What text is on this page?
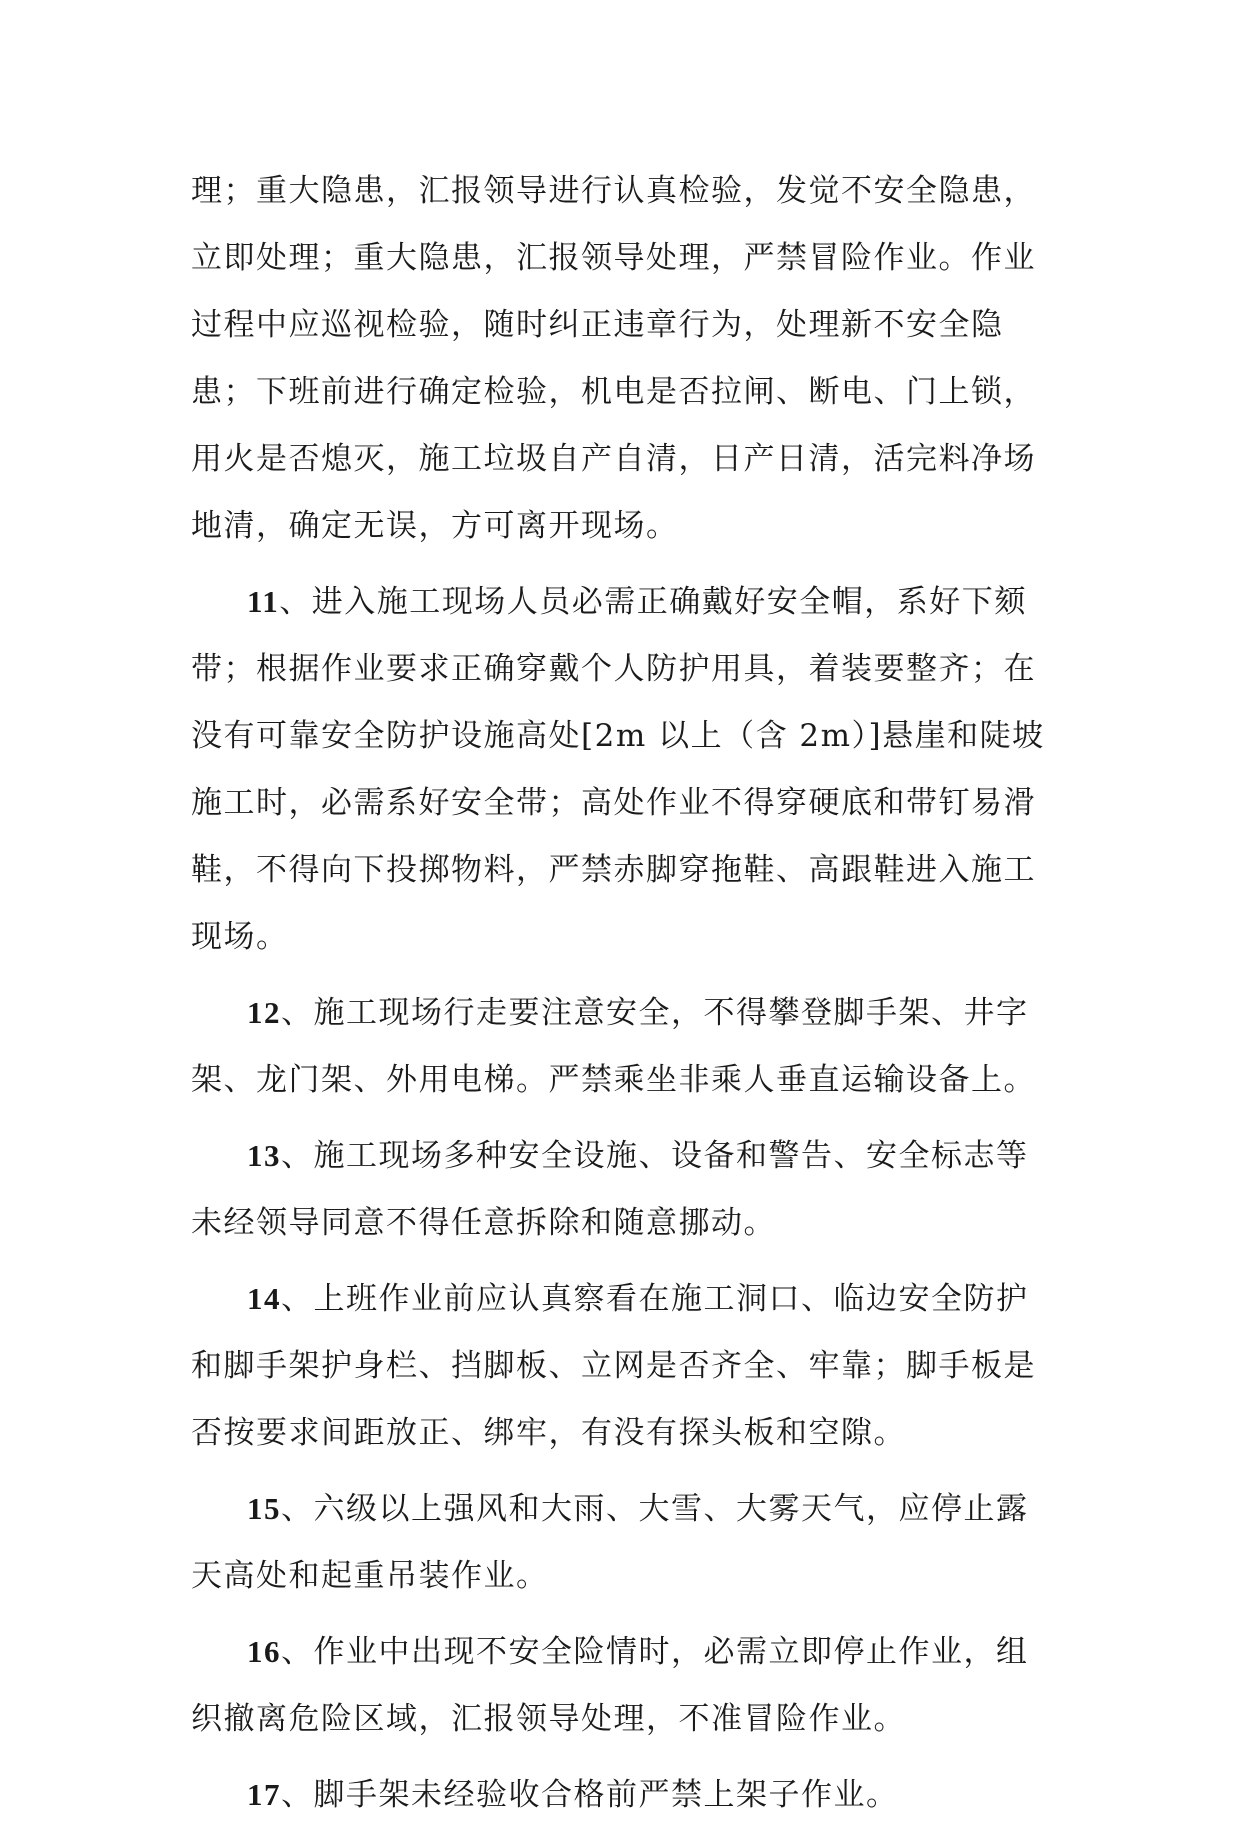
理；重大隐患，汇报领导进行认真检验，发觉不安全隐患，立即处理；重大隐患，汇报领导处理，严禁冒险作业。作业过程中应巡视检验，随时纠正违章行为，处理新不安全隐患；下班前进行确定检验，机电是否拉闸、断电、门上锁，用火是否熄灭，施工垃圾自产自清，日产日清，活完料净场地清，确定无误，方可离开现场。

11、进入施工现场人员必需正确戴好安全帽，系好下颏带；根据作业要求正确穿戴个人防护用具，着装要整齐；在没有可靠安全防护设施高处[2m 以上（含 2m）]悬崖和陡坡施工时，必需系好安全带；高处作业不得穿硬底和带钉易滑鞋，不得向下投掷物料，严禁赤脚穿拖鞋、高跟鞋进入施工现场。

12、施工现场行走要注意安全，不得攀登脚手架、井字架、龙门架、外用电梯。严禁乘坐非乘人垂直运输设备上。

13、施工现场多种安全设施、设备和警告、安全标志等未经领导同意不得任意拆除和随意挪动。

14、上班作业前应认真察看在施工洞口、临边安全防护和脚手架护身栏、挡脚板、立网是否齐全、牢靠；脚手板是否按要求间距放正、绑牢，有没有探头板和空隙。

15、六级以上强风和大雨、大雪、大雾天气，应停止露天高处和起重吊装作业。

16、作业中出现不安全险情时，必需立即停止作业，组织撤离危险区域，汇报领导处理，不准冒险作业。

17、脚手架未经验收合格前严禁上架子作业。
